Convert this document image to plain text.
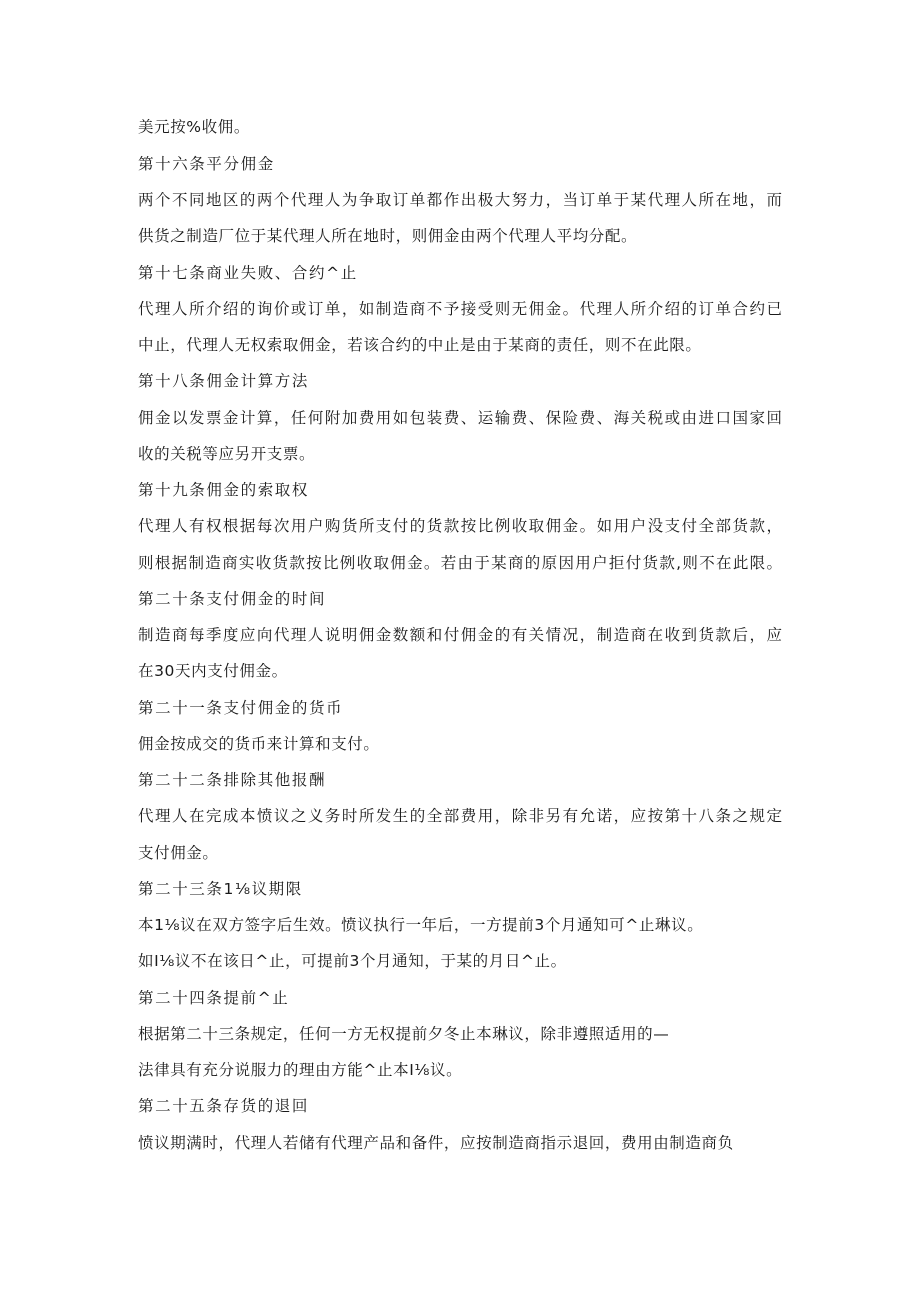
美元按%收佣。

第十六条平分佣金

两个不同地区的两个代理人为争取订单都作出极大努力，当订单于某代理人所在地，而

供货之制造厂位于某代理人所在地时，则佣金由两个代理人平均分配。

第十七条商业失败、合约^止

代理人所介绍的询价或订单，如制造商不予接受则无佣金。代理人所介绍的订单合约已

中止，代理人无权索取佣金，若该合约的中止是由于某商的责任，则不在此限。

第十八条佣金计算方法

佣金以发票金计算，任何附加费用如包装费、运输费、保险费、海关税或由进口国家回

收的关税等应另开支票。

第十九条佣金的索取权

代理人有权根据每次用户购货所支付的货款按比例收取佣金。如用户没支付全部货款，

则根据制造商实收货款按比例收取佣金。若由于某商的原因用户拒付货款,则不在此限。

第二十条支付佣金的时间

制造商每季度应向代理人说明佣金数额和付佣金的有关情况，制造商在收到货款后，应

在30天内支付佣金。

第二十一条支付佣金的货币

佣金按成交的货币来计算和支付。

第二十二条排除其他报酬

代理人在完成本愤议之义务时所发生的全部费用，除非另有允诺，应按第十八条之规定

支付佣金。

第二十三条1⅛议期限

本1⅛议在双方签字后生效。愤议执行一年后，一方提前3个月通知可^止琳议。

如I⅛议不在该日^止，可提前3个月通知，于某的月日^止。

第二十四条提前^止

根据第二十三条规定，任何一方无权提前夕冬止本琳议，除非遵照适用的—

法律具有充分说服力的理由方能^止本I⅛议。

第二十五条存货的退回

愤议期满时，代理人若储有代理产品和备件，应按制造商指示退回，费用由制造商负
